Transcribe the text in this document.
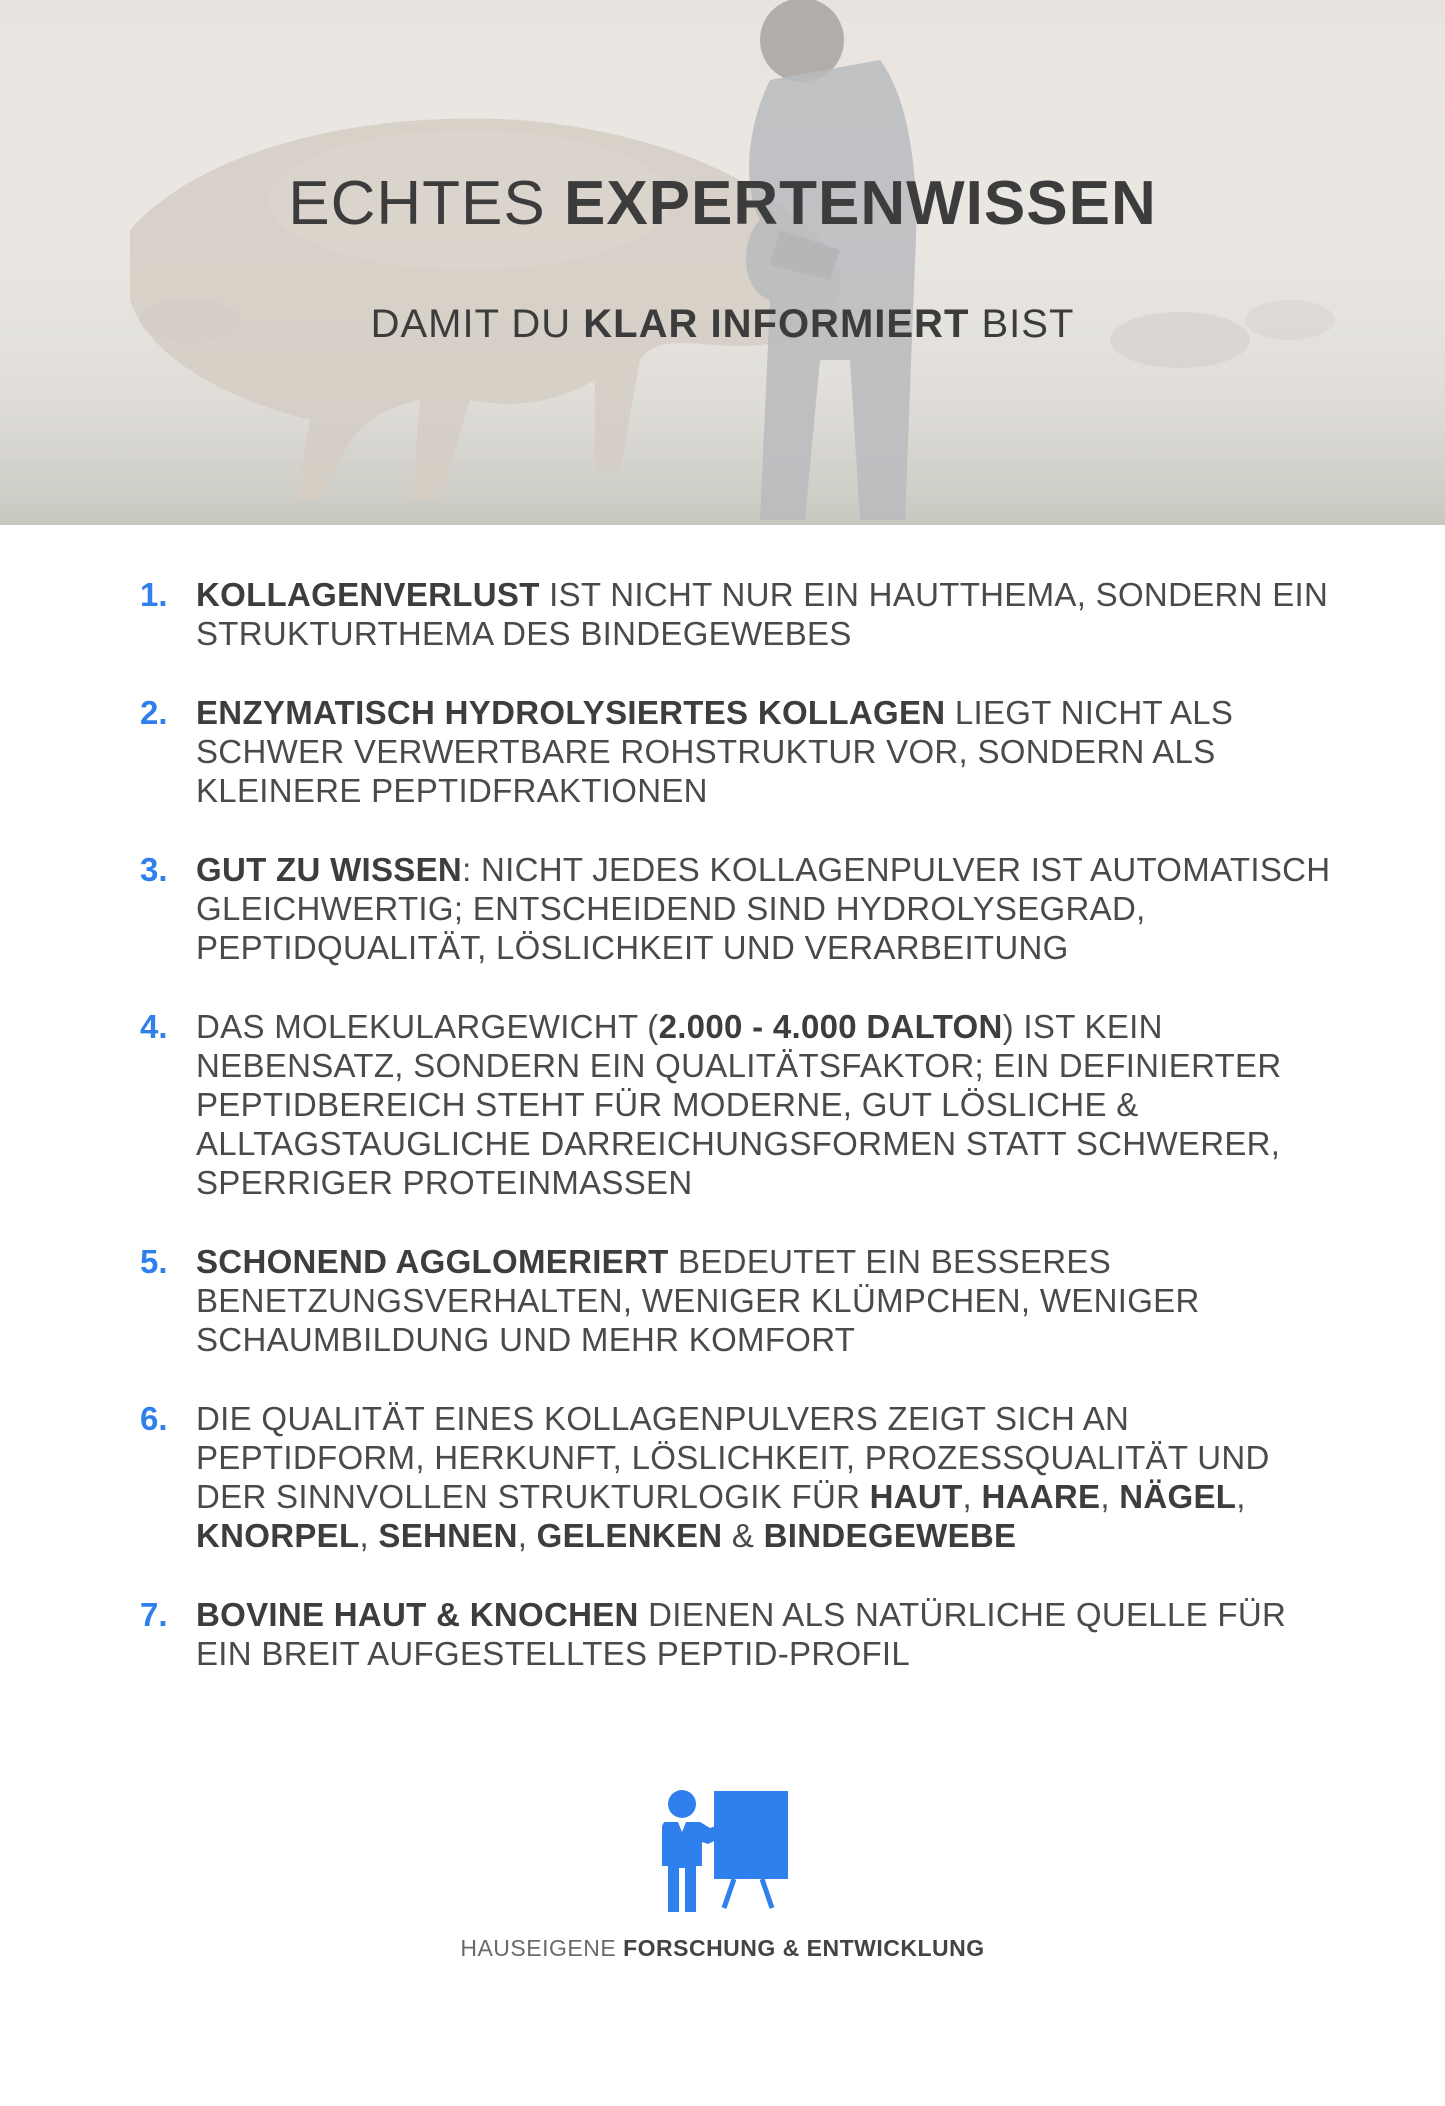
ECHTES EXPERTENWISSEN
DAMIT DU KLAR INFORMIERT BIST
1. KOLLAGENVERLUST IST NICHT NUR EIN HAUTTHEMA, SONDERN EIN STRUKTURTHEMA DES BINDEGEWEBES
2. ENZYMATISCH HYDROLYSIERTES KOLLAGEN LIEGT NICHT ALS SCHWER VERWERTBARE ROHSTRUKTUR VOR, SONDERN ALS KLEINERE PEPTIDFRAKTIONEN
3. GUT ZU WISSEN: NICHT JEDES KOLLAGENPULVER IST AUTOMATISCH GLEICHWERTIG; ENTSCHEIDEND SIND HYDROLYSEGRAD, PEPTIDQUALITÄT, LÖSLICHKEIT UND VERARBEITUNG
4. DAS MOLEKULARGEWICHT (2.000 - 4.000 DALTON) IST KEIN NEBENSATZ, SONDERN EIN QUALITÄTSFAKTOR; EIN DEFINIERTER PEPTIDBEREICH STEHT FÜR MODERNE, GUT LÖSLICHE & ALLTAGSTAUGLICHE DARREICHUNGSFORMEN STATT SCHWERER, SPERRIGER PROTEINMASSEN
5. SCHONEND AGGLOMERIERT BEDEUTET EIN BESSERES BENETZUNGSVERHALTEN, WENIGER KLÜMPCHEN, WENIGER SCHAUMBILDUNG UND MEHR KOMFORT
6. DIE QUALITÄT EINES KOLLAGENPULVERS ZEIGT SICH AN PEPTIDFORM, HERKUNFT, LÖSLICHKEIT, PROZESSQUALITÄT UND DER SINNVOLLEN STRUKTURLOGIK FÜR HAUT, HAARE, NÄGEL, KNORPEL, SEHNEN, GELENKEN & BINDEGEWEBE
7. BOVINE HAUT & KNOCHEN DIENEN ALS NATÜRLICHE QUELLE FÜR EIN BREIT AUFGESTELLTES PEPTID-PROFIL
HAUSEIGENE FORSCHUNG & ENTWICKLUNG
